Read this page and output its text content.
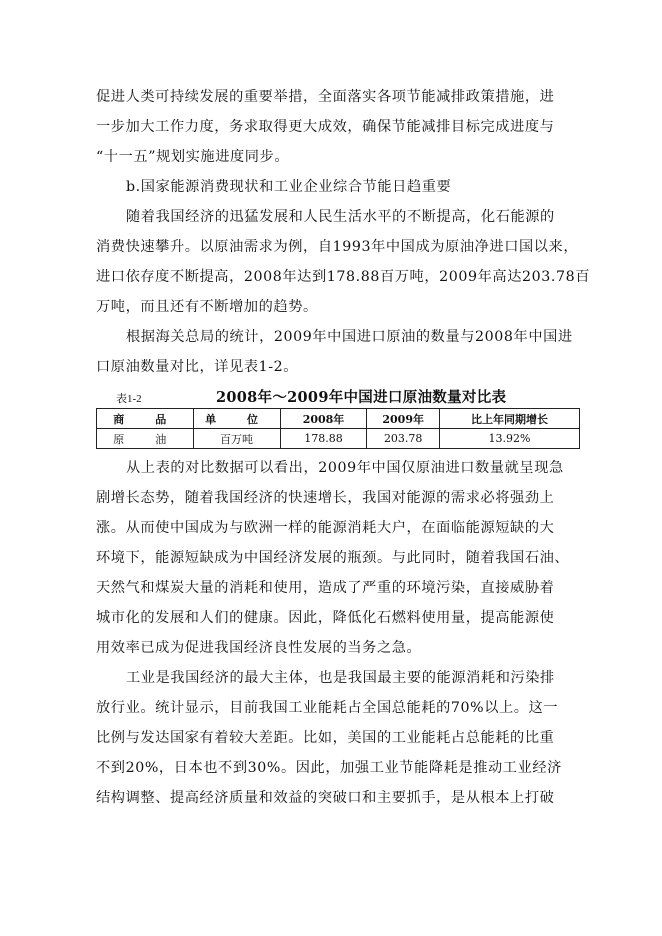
促进人类可持续发展的重要举措，全面落实各项节能减排政策措施，进
一步加大工作力度，务求取得更大成效，确保节能减排目标完成进度与
“十一五”规划实施进度同步。
b.国家能源消费现状和工业企业综合节能日趋重要
随着我国经济的迅猛发展和人民生活水平的不断提高，化石能源的
消费快速攀升。以原油需求为例，自1993年中国成为原油净进口国以来，
进口依存度不断提高，2008年达到178.88百万吨，2009年高达203.78百
万吨，而且还有不断增加的趋势。
根据海关总局的统计，2009年中国进口原油的数量与2008年中国进
口原油数量对比，详见表1-2。
表1-2	2008年～2009年中国进口原油数量对比表
商　品	单　位	2008年	2009年	比上年同期增长
原　油	百万吨	178.88	203.78	13.92%
从上表的对比数据可以看出，2009年中国仅原油进口数量就呈现急
剧增长态势，随着我国经济的快速增长，我国对能源的需求必将强劲上
涨。从而使中国成为与欧洲一样的能源消耗大户，在面临能源短缺的大
环境下，能源短缺成为中国经济发展的瓶颈。与此同时，随着我国石油、
天然气和煤炭大量的消耗和使用，造成了严重的环境污染，直接威胁着
城市化的发展和人们的健康。因此，降低化石燃料使用量，提高能源使
用效率已成为促进我国经济良性发展的当务之急。
工业是我国经济的最大主体，也是我国最主要的能源消耗和污染排
放行业。统计显示，目前我国工业能耗占全国总能耗的70%以上。这一
比例与发达国家有着较大差距。比如，美国的工业能耗占总能耗的比重
不到20%，日本也不到30%。因此，加强工业节能降耗是推动工业经济
结构调整、提高经济质量和效益的突破口和主要抓手，是从根本上打破
